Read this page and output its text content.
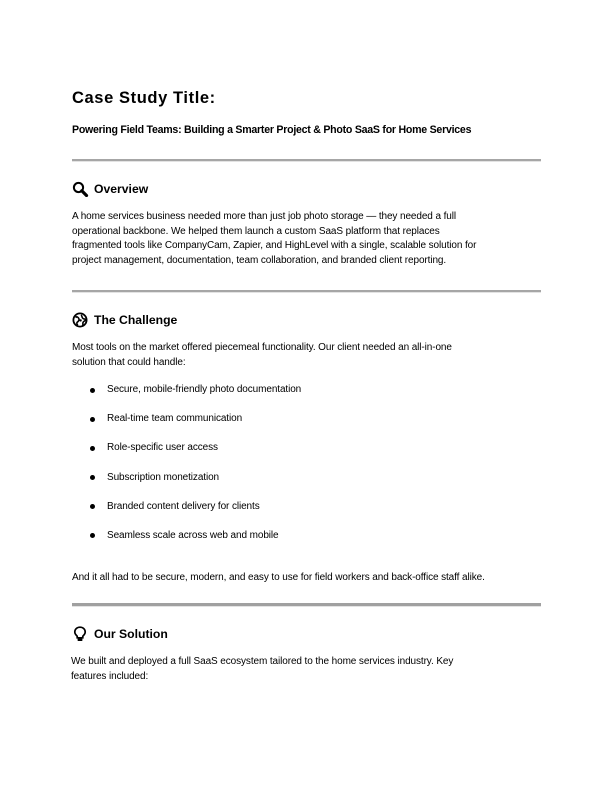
Case Study Title:
Powering Field Teams: Building a Smarter Project & Photo SaaS for Home Services
Overview
A home services business needed more than just job photo storage — they needed a full
operational backbone. We helped them launch a custom SaaS platform that replaces
fragmented tools like CompanyCam, Zapier, and HighLevel with a single, scalable solution for
project management, documentation, team collaboration, and branded client reporting.
The Challenge
Most tools on the market offered piecemeal functionality. Our client needed an all-in-one
solution that could handle:
Secure, mobile-friendly photo documentation
Real-time team communication
Role-specific user access
Subscription monetization
Branded content delivery for clients
Seamless scale across web and mobile
And it all had to be secure, modern, and easy to use for field workers and back-office staff alike.
Our Solution
We built and deployed a full SaaS ecosystem tailored to the home services industry. Key
features included:
